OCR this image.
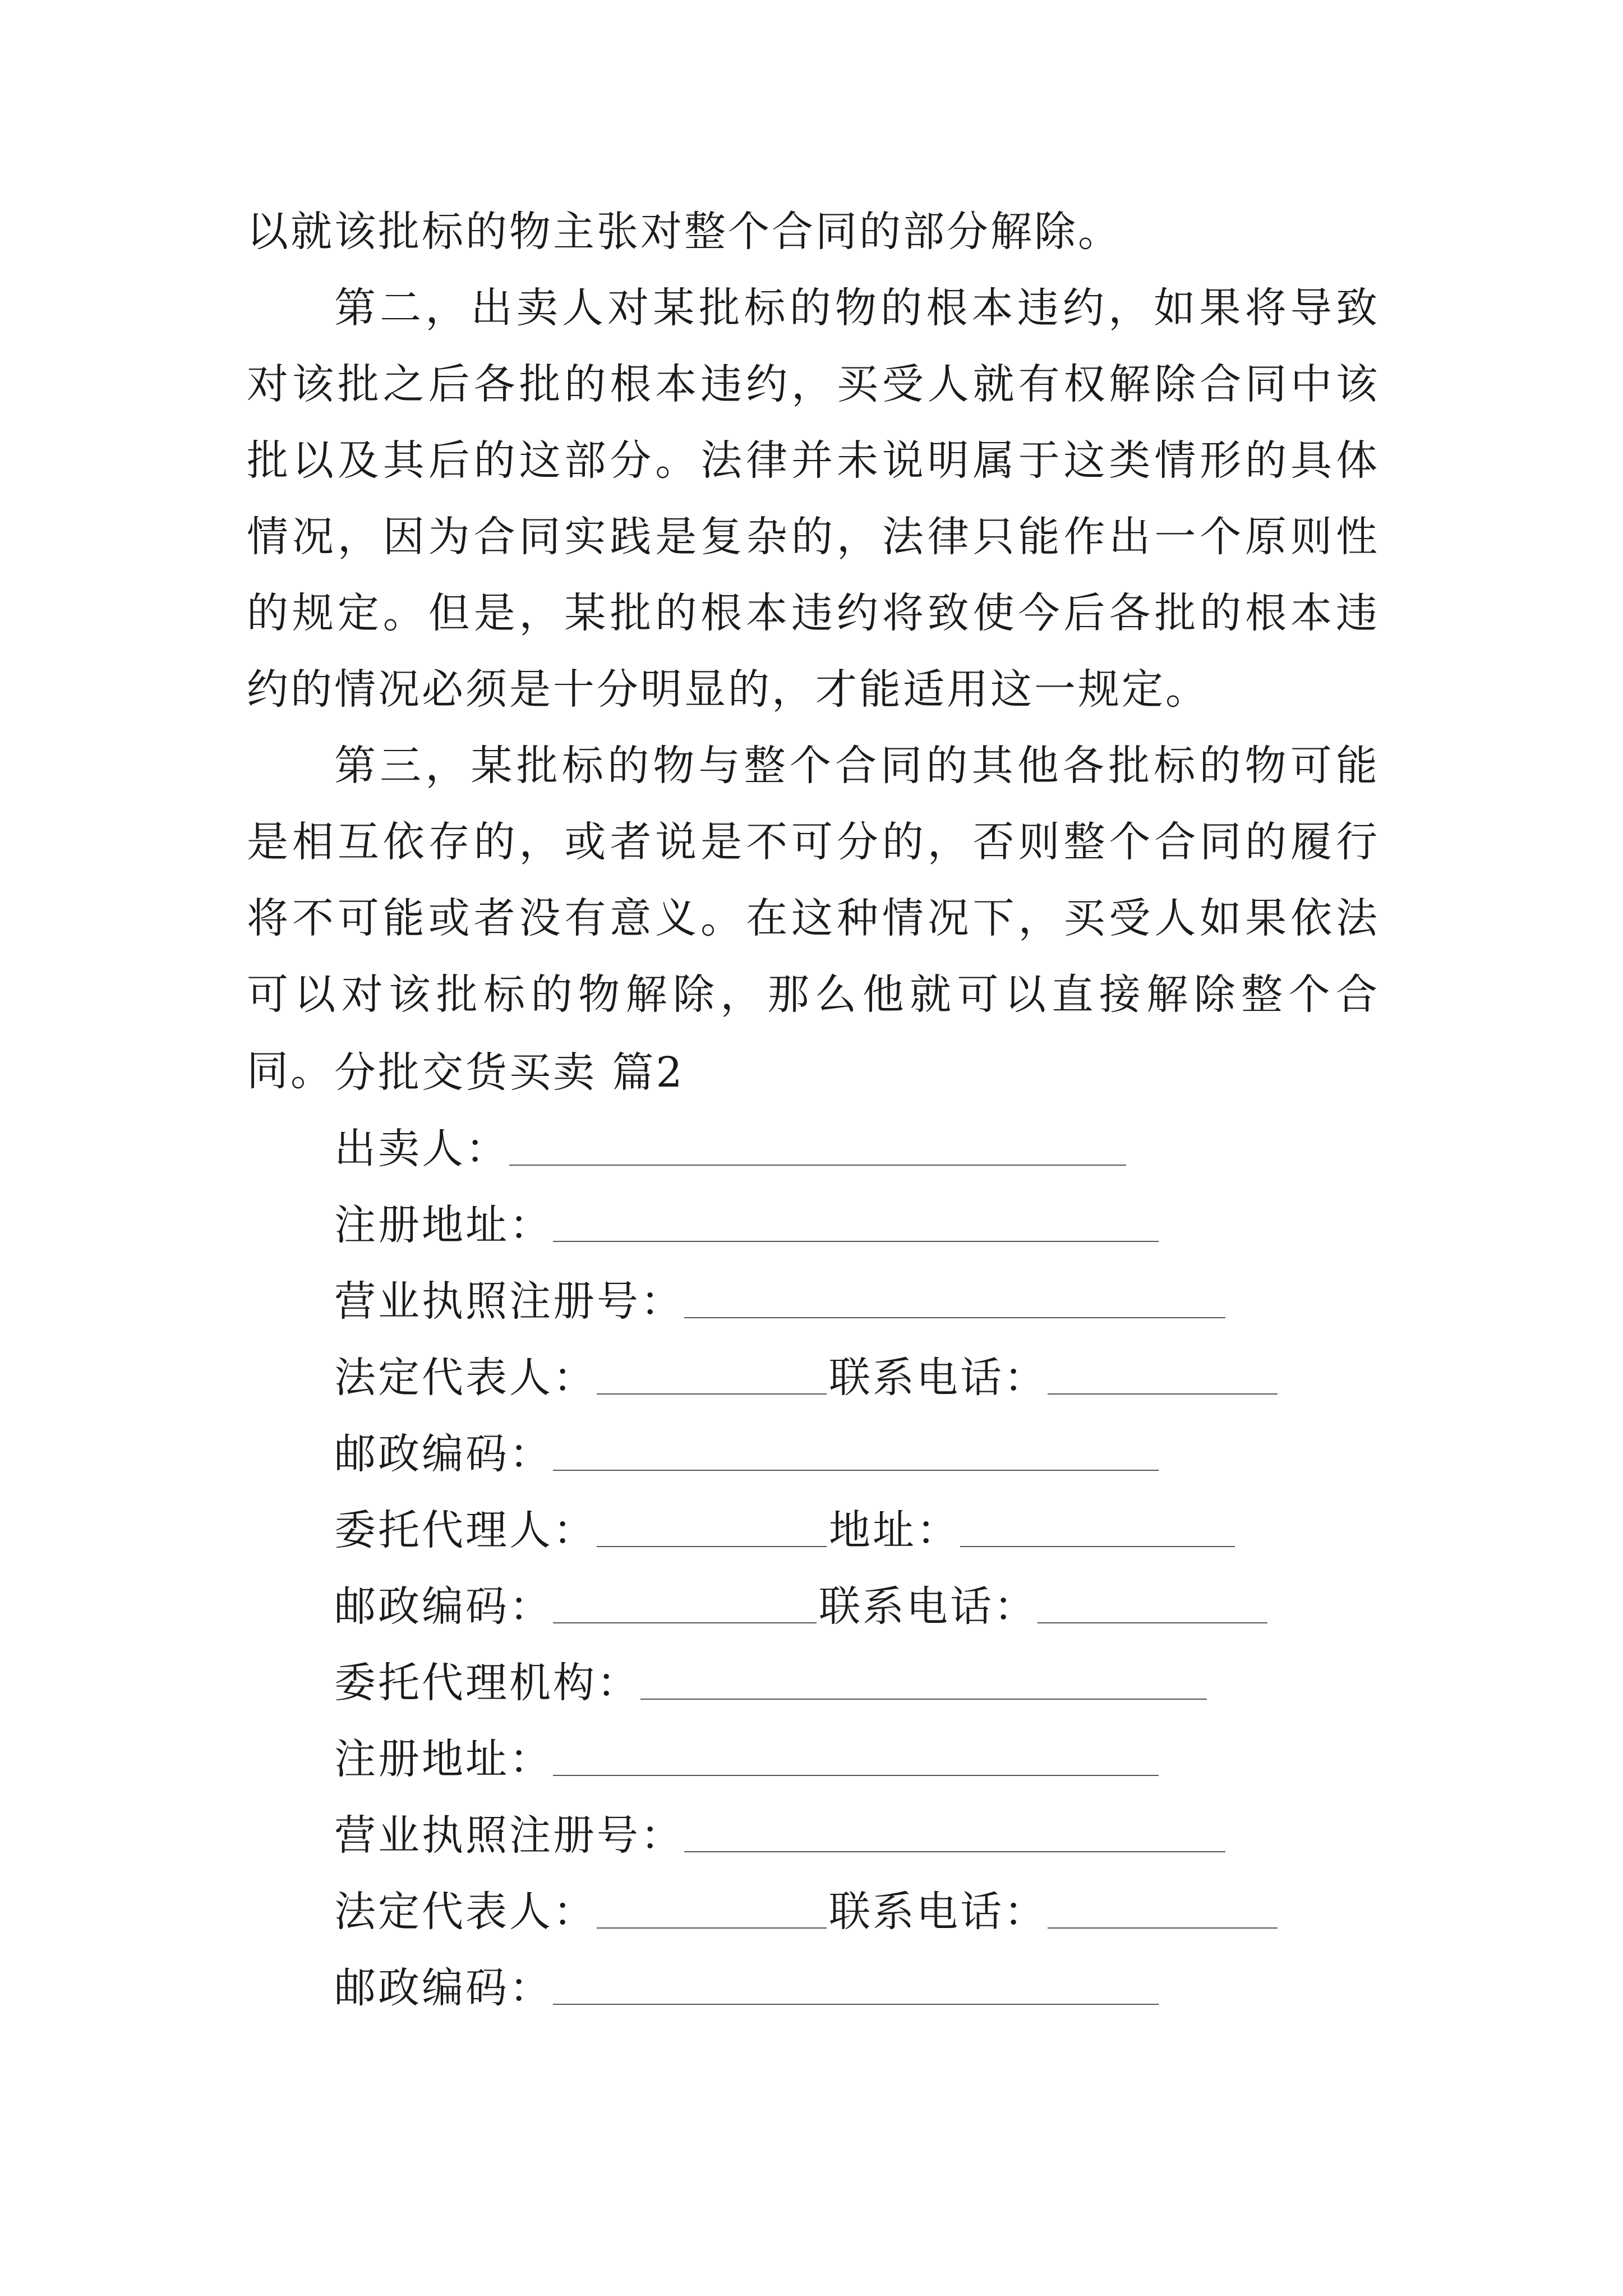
以就该批标的物主张对整个合同的部分解除。

第二，出卖人对某批标的物的根本违约，如果将导致对该批之后各批的根本违约，买受人就有权解除合同中该批以及其后的这部分。法律并未说明属于这类情形的具体情况，因为合同实践是复杂的，法律只能作出一个原则性的规定。但是，某批的根本违约将致使今后各批的根本违约的情况必须是十分明显的，才能适用这一规定。

第三，某批标的物与整个合同的其他各批标的物可能是相互依存的，或者说是不可分的，否则整个合同的履行将不可能或者没有意义。在这种情况下，买受人如果依法可以对该批标的物解除，那么他就可以直接解除整个合同。 分批交货买卖 篇2
出卖人：
注册地址：
营业执照注册号：
法定代表人：	联系电话：
邮政编码：
委托代理人：	地址：
邮政编码：	联系电话：
委托代理机构：
注册地址：
营业执照注册号：
法定代表人：	联系电话：
邮政编码：
